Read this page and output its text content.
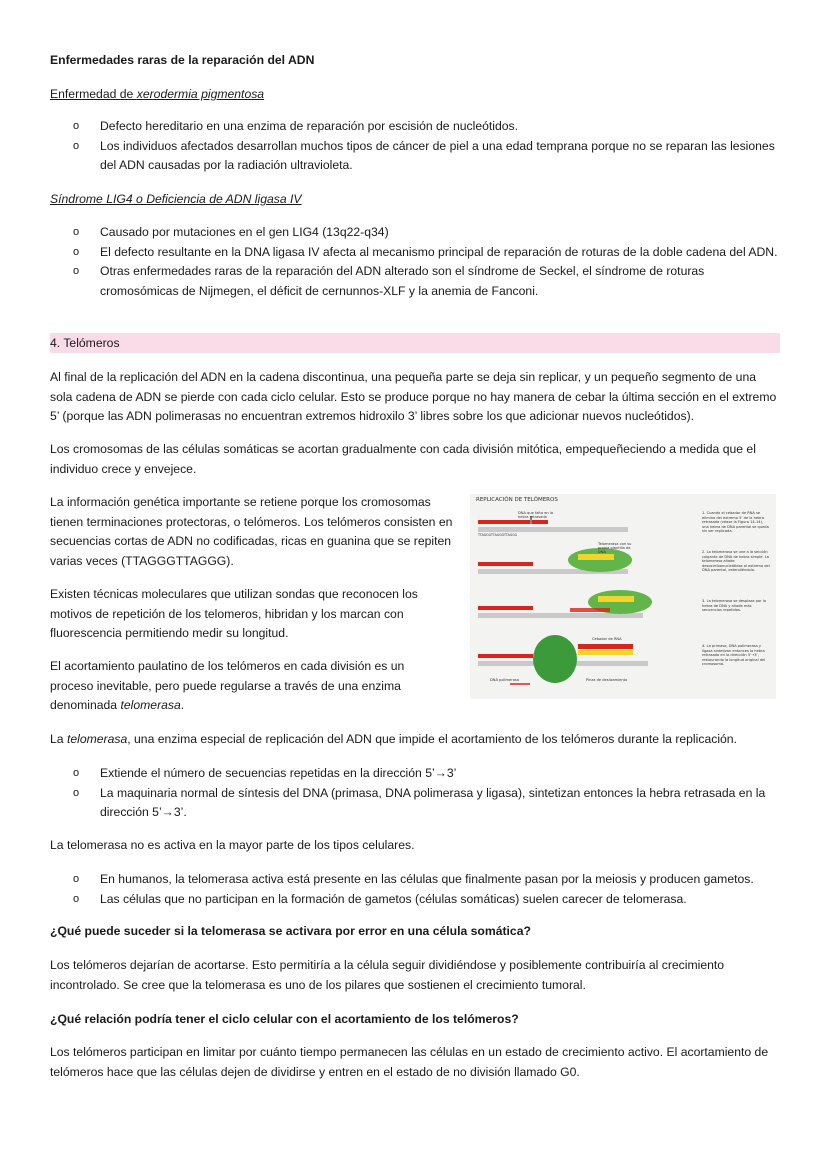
Enfermedades raras de la reparación del ADN

Enfermedad de xerodermia pigmentosa

o Defecto hereditario en una enzima de reparación por escisión de nucleótidos.
o Los individuos afectados desarrollan muchos tipos de cáncer de piel a una edad temprana porque no se reparan las lesiones del ADN causadas por la radiación ultravioleta.

Síndrome LIG4 o Deficiencia de ADN ligasa IV

o Causado por mutaciones en el gen LIG4 (13q22-q34)
o El defecto resultante en la DNA ligasa IV afecta al mecanismo principal de reparación de roturas de la doble cadena del ADN.
o Otras enfermedades raras de la reparación del ADN alterado son el síndrome de Seckel, el síndrome de roturas cromosómicas de Nijmegen, el déficit de cernunnos-XLF y la anemia de Fanconi.
4. Telómeros

Al final de la replicación del ADN en la cadena discontinua, una pequeña parte se deja sin replicar, y un pequeño segmento de una sola cadena de ADN se pierde con cada ciclo celular. Esto se produce porque no hay manera de cebar la última sección en el extremo 5’ (porque las ADN polimerasas no encuentran extremos hidroxilo 3’ libres sobre los que adicionar nuevos nucleótidos).

Los cromosomas de las células somáticas se acortan gradualmente con cada división mitótica, empequeñeciendo a medida que el individuo crece y envejece.

La información genética importante se retiene porque los cromosomas tienen terminaciones protectoras, o telómeros. Los telómeros consisten en secuencias cortas de ADN no codificadas, ricas en guanina que se repiten varias veces (TTAGGGTTAGGG).

Existen técnicas moleculares que utilizan sondas que reconocen los motivos de repetición de los telomeros, hibridan y los marcan con fluorescencia permitiendo medir su longitud.

El acortamiento paulatino de los telómeros en cada división es un proceso inevitable, pero puede regularse a través de una enzima denominada telomerasa.

REPLICACIÓN DE TELÓMEROS
DNA que falta en la hebra retrasada
Telomerasa con su propia plantilla de DNA
Cebador de RNA
DNA polimerasa	Pinza de deslizamiento
1. Cuando el cebador de RNA se elimina del extremo 5’ de la hebra retrasada (véase la Figura 14-14), una hebra de DNA parental se queda sin ser replicada.
2. La telomerasa se une a la sección colgante de DNA de hebra simple. La telomerasa añade desoxirribonucleótidos al extremo del DNA parental, extendiéndolo.
3. La telomerasa se desplaza por la hebra de DNA y añade más secuencias repetidas.
4. La primasa, DNA polimerasa y ligasa sintetizan entonces la hebra retrasada en la dirección 5’→3’, restaurando la longitud original del cromosoma.
TTAGGGTTAGGGTTAGGG

La telomerasa, una enzima especial de replicación del ADN que impide el acortamiento de los telómeros durante la replicación.

o Extiende el número de secuencias repetidas en la dirección 5’→3’
o La maquinaria normal de síntesis del DNA (primasa, DNA polimerasa y ligasa), sintetizan entonces la hebra retrasada en la dirección 5’→3’.

La telomerasa no es activa en la mayor parte de los tipos celulares.

o En humanos, la telomerasa activa está presente en las células que finalmente pasan por la meiosis y producen gametos.
o Las células que no participan en la formación de gametos (células somáticas) suelen carecer de telomerasa.

¿Qué puede suceder si la telomerasa se activara por error en una célula somática?

Los telómeros dejarían de acortarse. Esto permitiría a la célula seguir dividiéndose y posiblemente contribuiría al crecimiento incontrolado. Se cree que la telomerasa es uno de los pilares que sostienen el crecimiento tumoral.

¿Qué relación podría tener el ciclo celular con el acortamiento de los telómeros?

Los telómeros participan en limitar por cuánto tiempo permanecen las células en un estado de crecimiento activo. El acortamiento de telómeros hace que las células dejen de dividirse y entren en el estado de no división llamado G0.
